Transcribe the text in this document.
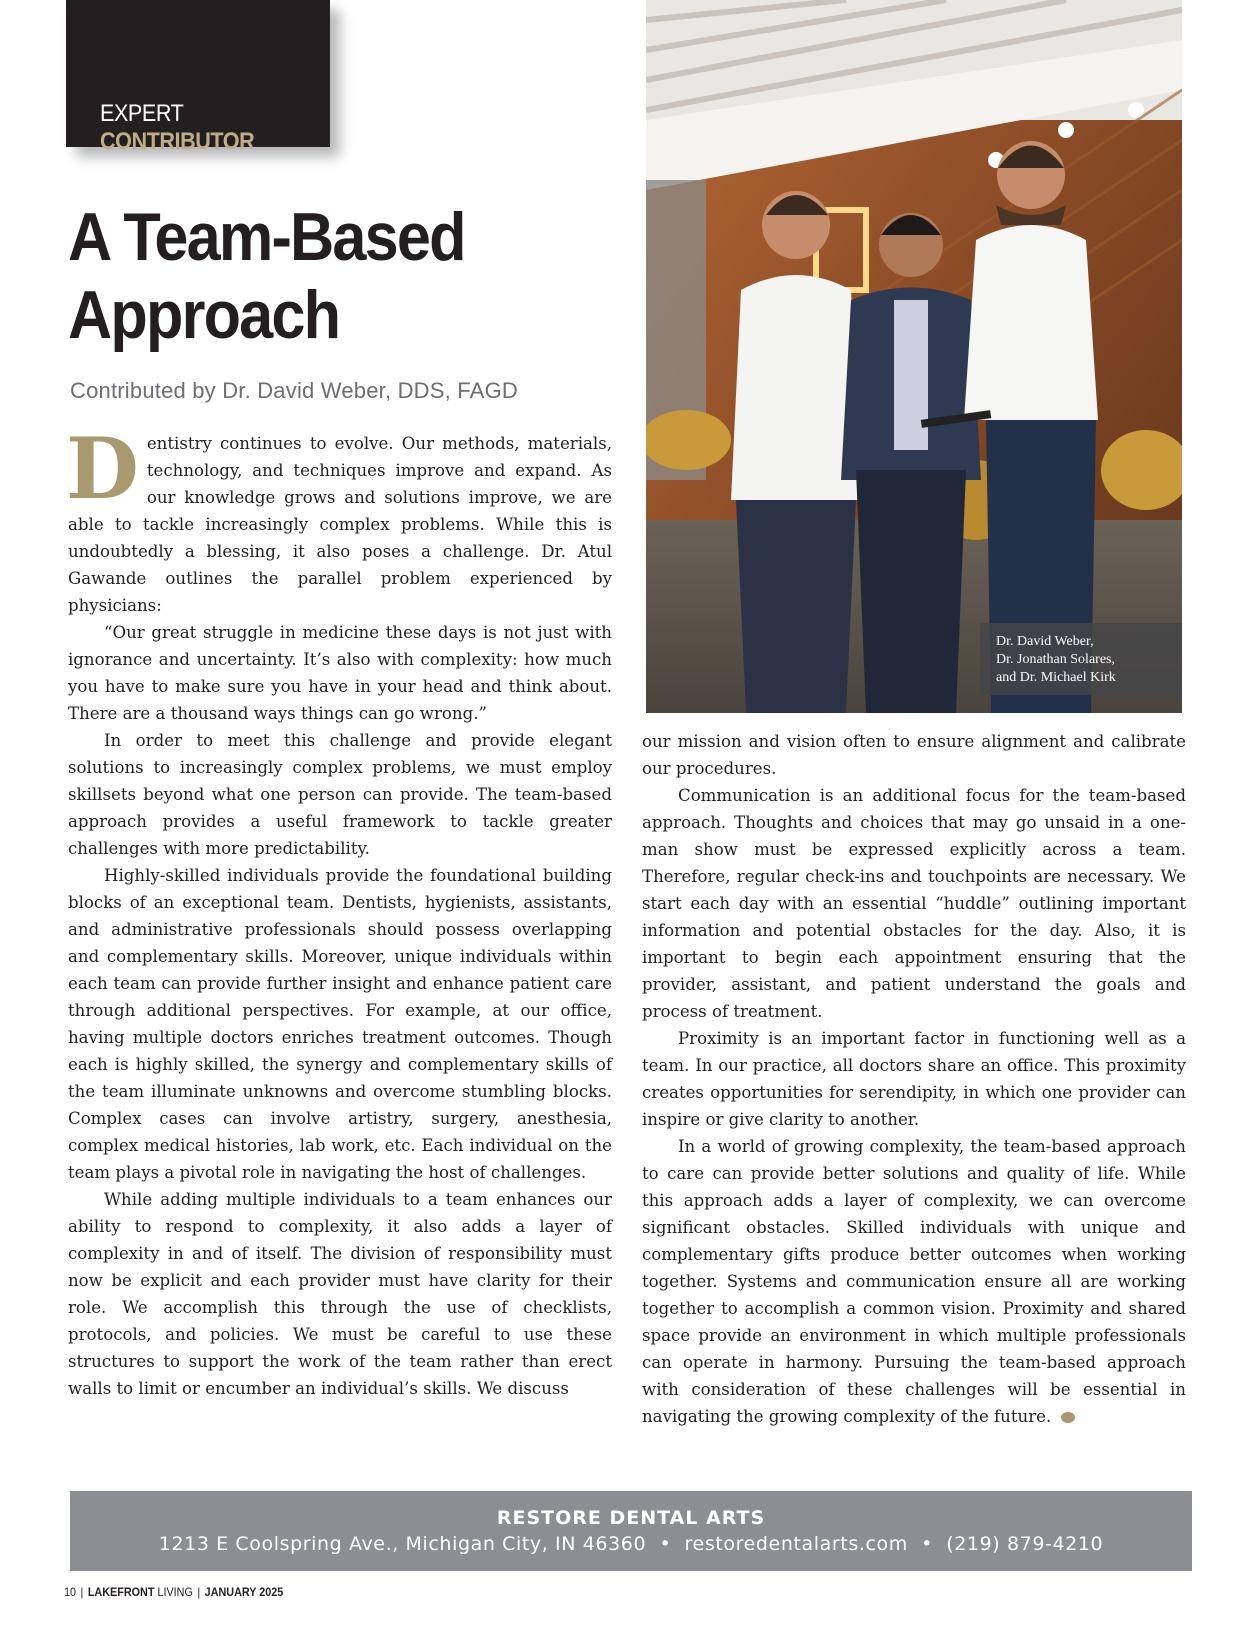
EXPERT CONTRIBUTOR
A Team-Based
Approach
Contributed by Dr. David Weber, DDS, FAGD

Dentistry continues to evolve. Our methods, materials, technology, and techniques improve and expand. As our knowledge grows and solutions improve, we are able to tackle increasingly complex problems. While this is undoubtedly a blessing, it also poses a challenge. Dr. Atul Gawande outlines the parallel problem experienced by physicians:

“Our great struggle in medicine these days is not just with ignorance and uncertainty. It’s also with complexity: how much you have to make sure you have in your head and think about. There are a thousand ways things can go wrong.”

In order to meet this challenge and provide elegant solutions to increasingly complex problems, we must employ skillsets beyond what one person can provide. The team-based approach provides a useful framework to tackle greater challenges with more predictability.

Highly-skilled individuals provide the foundational building blocks of an exceptional team. Dentists, hygienists, assistants, and administrative professionals should possess overlapping and complementary skills. Moreover, unique individuals within each team can provide further insight and enhance patient care through additional perspectives. For example, at our office, having multiple doctors enriches treatment outcomes. Though each is highly skilled, the synergy and complementary skills of the team illuminate unknowns and overcome stumbling blocks. Complex cases can involve artistry, surgery, anesthesia, complex medical histories, lab work, etc. Each individual on the team plays a pivotal role in navigating the host of challenges.

While adding multiple individuals to a team enhances our ability to respond to complexity, it also adds a layer of complexity in and of itself. The division of responsibility must now be explicit and each provider must have clarity for their role. We accomplish this through the use of checklists, protocols, and policies. We must be careful to use these structures to support the work of the team rather than erect walls to limit or encumber an individual’s skills. We discuss

Dr. David Weber,
Dr. Jonathan Solares,
and Dr. Michael Kirk

our mission and vision often to ensure alignment and calibrate our procedures.

Communication is an additional focus for the team-based approach. Thoughts and choices that may go unsaid in a one-man show must be expressed explicitly across a team. Therefore, regular check-ins and touchpoints are necessary. We start each day with an essential “huddle” outlining important information and potential obstacles for the day. Also, it is important to begin each appointment ensuring that the provider, assistant, and patient understand the goals and process of treatment.

Proximity is an important factor in functioning well as a team. In our practice, all doctors share an office. This proximity creates opportunities for serendipity, in which one provider can inspire or give clarity to another.

In a world of growing complexity, the team-based approach to care can provide better solutions and quality of life. While this approach adds a layer of complexity, we can overcome significant obstacles. Skilled individuals with unique and complementary gifts produce better outcomes when working together. Systems and communication ensure all are working together to accomplish a common vision. Proximity and shared space provide an environment in which multiple professionals can operate in harmony. Pursuing the team-based approach with consideration of these challenges will be essential in navigating the growing complexity of the future.

RESTORE DENTAL ARTS
1213 E Coolspring Ave., Michigan City, IN 46360 • restoredentalarts.com • (219) 879-4210
10 | LAKEFRONT LIVING | JANUARY 2025
